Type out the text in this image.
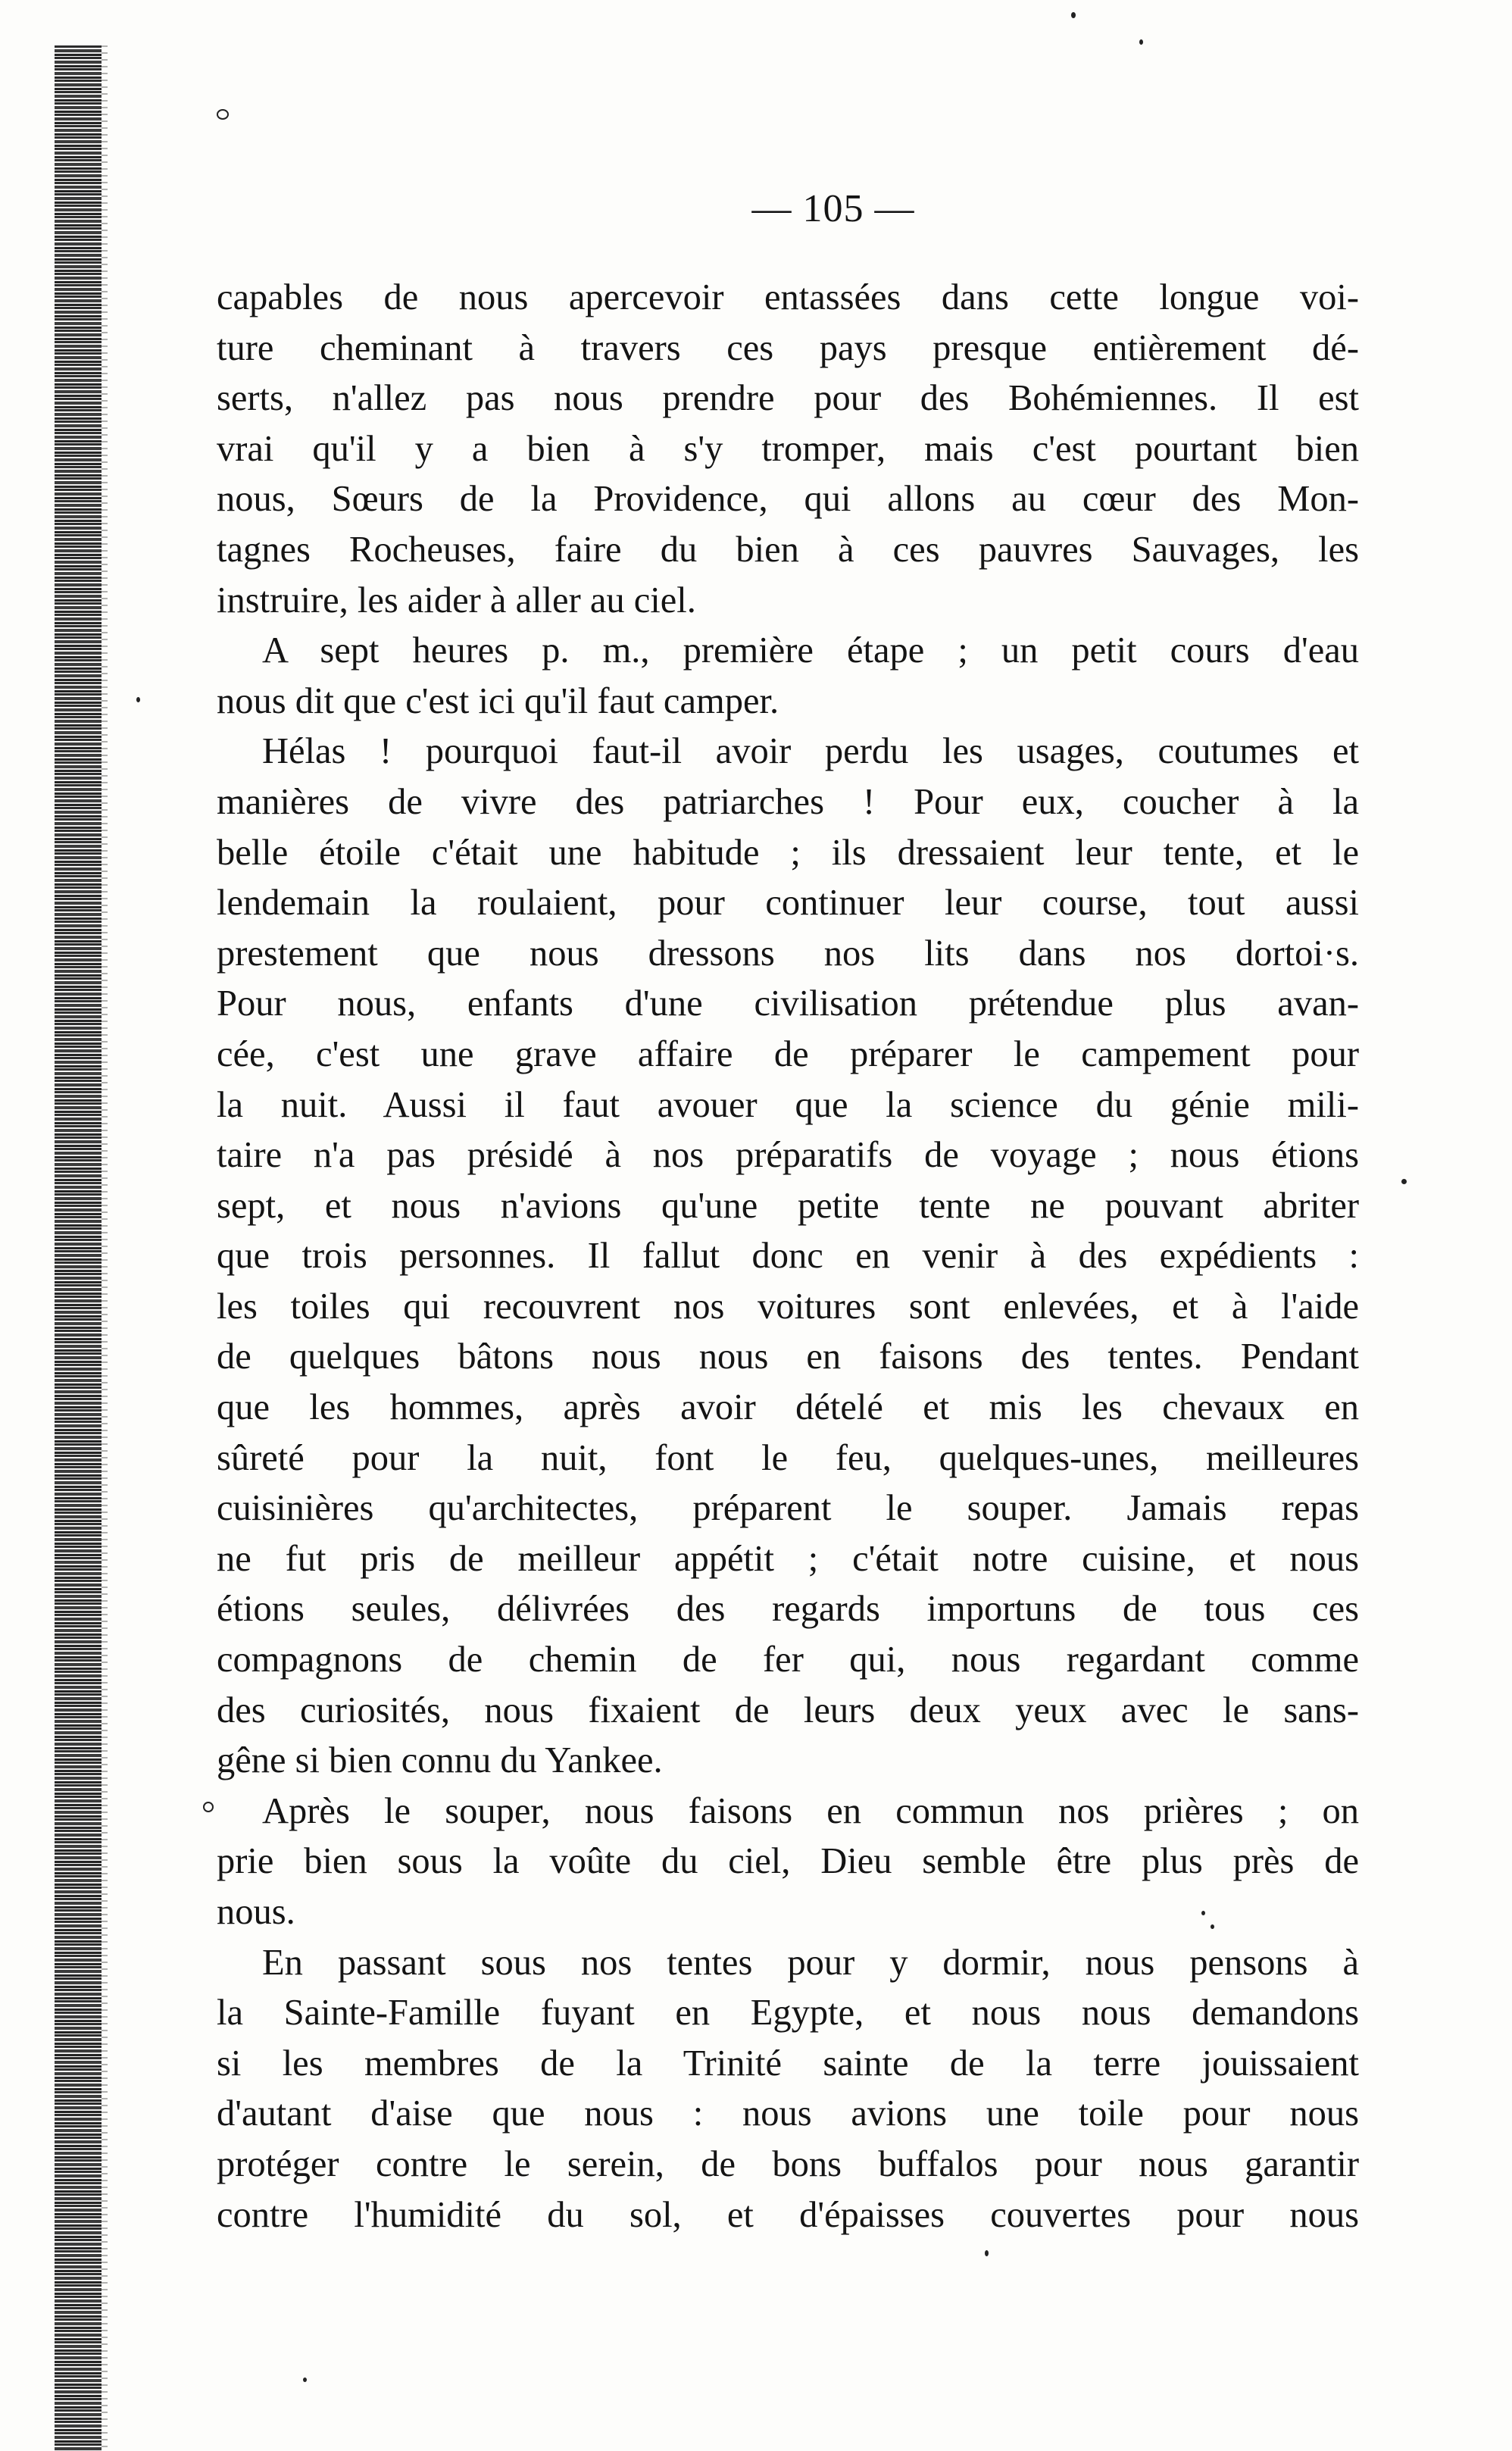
— 105 —
capables de nous apercevoir entassées dans cette longue voi-
ture cheminant à travers ces pays presque entièrement dé-
serts, n'allez pas nous prendre pour des Bohémiennes. Il est
vrai qu'il y a bien à s'y tromper, mais c'est pourtant bien
nous, Sœurs de la Providence, qui allons au cœur des Mon-
tagnes Rocheuses, faire du bien à ces pauvres Sauvages, les
instruire, les aider à aller au ciel.
A sept heures p. m., première étape ; un petit cours d'eau
nous dit que c'est ici qu'il faut camper.
Hélas ! pourquoi faut-il avoir perdu les usages, coutumes et
manières de vivre des patriarches ! Pour eux, coucher à la
belle étoile c'était une habitude ; ils dressaient leur tente, et le
lendemain la roulaient, pour continuer leur course, tout aussi
prestement que nous dressons nos lits dans nos dortoi·s.
Pour nous, enfants d'une civilisation prétendue plus avan-
cée, c'est une grave affaire de préparer le campement pour
la nuit. Aussi il faut avouer que la science du génie mili-
taire n'a pas présidé à nos préparatifs de voyage ; nous étions
sept, et nous n'avions qu'une petite tente ne pouvant abriter
que trois personnes. Il fallut donc en venir à des expédients :
les toiles qui recouvrent nos voitures sont enlevées, et à l'aide
de quelques bâtons nous nous en faisons des tentes. Pendant
que les hommes, après avoir dételé et mis les chevaux en
sûreté pour la nuit, font le feu, quelques-unes, meilleures
cuisinières qu'architectes, préparent le souper. Jamais repas
ne fut pris de meilleur appétit ; c'était notre cuisine, et nous
étions seules, délivrées des regards importuns de tous ces
compagnons de chemin de fer qui, nous regardant comme
des curiosités, nous fixaient de leurs deux yeux avec le sans-
gêne si bien connu du Yankee.
Après le souper, nous faisons en commun nos prières ; on
prie bien sous la voûte du ciel, Dieu semble être plus près de
nous.
En passant sous nos tentes pour y dormir, nous pensons à
la Sainte-Famille fuyant en Egypte, et nous nous demandons
si les membres de la Trinité sainte de la terre jouissaient
d'autant d'aise que nous : nous avions une toile pour nous
protéger contre le serein, de bons buffalos pour nous garantir
contre l'humidité du sol, et d'épaisses couvertes pour nous
